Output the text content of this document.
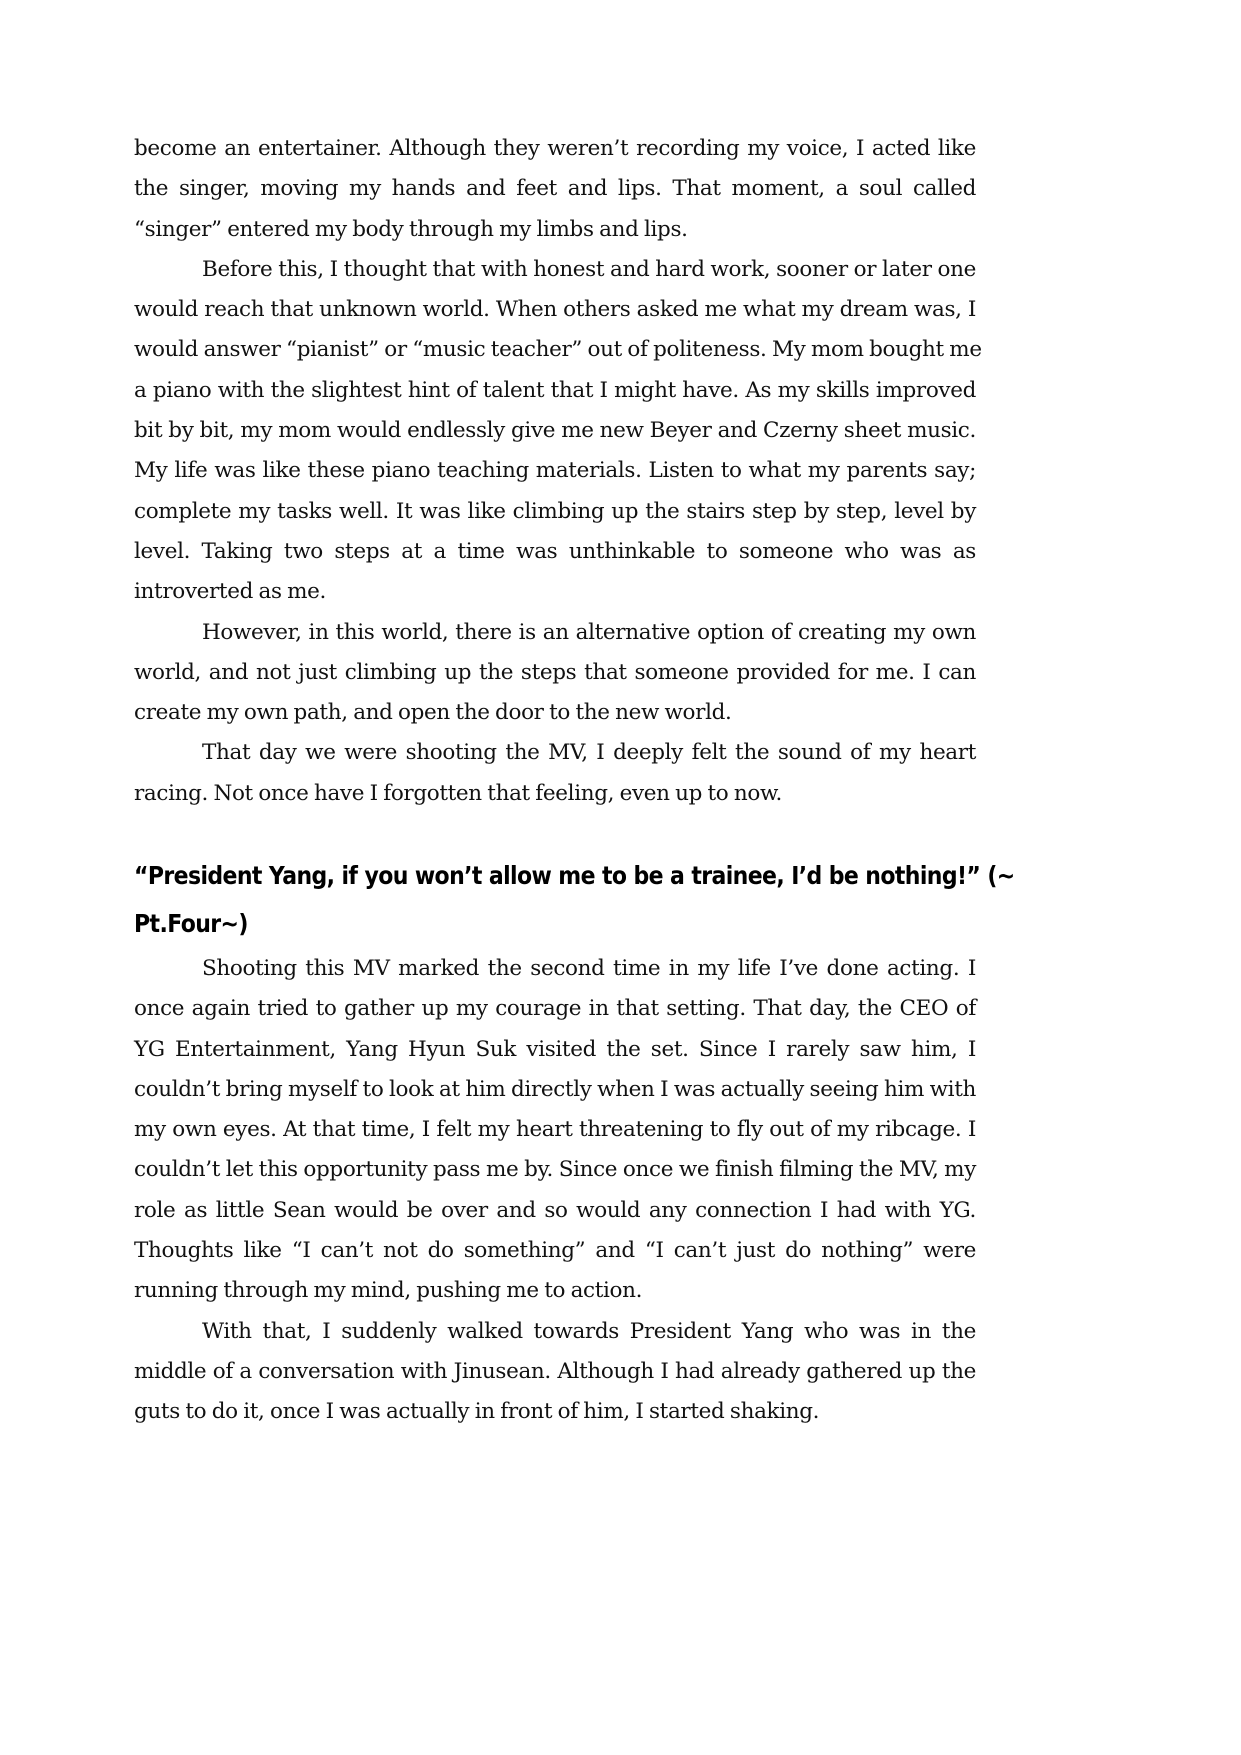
become an entertainer. Although they weren’t recording my voice, I acted like
the singer, moving my hands and feet and lips. That moment, a soul called
“singer” entered my body through my limbs and lips.
Before this, I thought that with honest and hard work, sooner or later one
would reach that unknown world. When others asked me what my dream was, I
would answer “pianist” or “music teacher” out of politeness. My mom bought me
a piano with the slightest hint of talent that I might have. As my skills improved
bit by bit, my mom would endlessly give me new Beyer and Czerny sheet music.
My life was like these piano teaching materials. Listen to what my parents say;
complete my tasks well. It was like climbing up the stairs step by step, level by
level. Taking two steps at a time was unthinkable to someone who was as
introverted as me.
However, in this world, there is an alternative option of creating my own
world, and not just climbing up the steps that someone provided for me. I can
create my own path, and open the door to the new world.
That day we were shooting the MV, I deeply felt the sound of my heart
racing. Not once have I forgotten that feeling, even up to now.
“President Yang, if you won’t allow me to be a trainee, I’d be nothing!” (~
Pt.Four~)
Shooting this MV marked the second time in my life I’ve done acting. I
once again tried to gather up my courage in that setting. That day, the CEO of
YG Entertainment, Yang Hyun Suk visited the set. Since I rarely saw him, I
couldn’t bring myself to look at him directly when I was actually seeing him with
my own eyes. At that time, I felt my heart threatening to fly out of my ribcage. I
couldn’t let this opportunity pass me by. Since once we finish filming the MV, my
role as little Sean would be over and so would any connection I had with YG.
Thoughts like “I can’t not do something” and “I can’t just do nothing” were
running through my mind, pushing me to action.
With that, I suddenly walked towards President Yang who was in the
middle of a conversation with Jinusean. Although I had already gathered up the
guts to do it, once I was actually in front of him, I started shaking.
